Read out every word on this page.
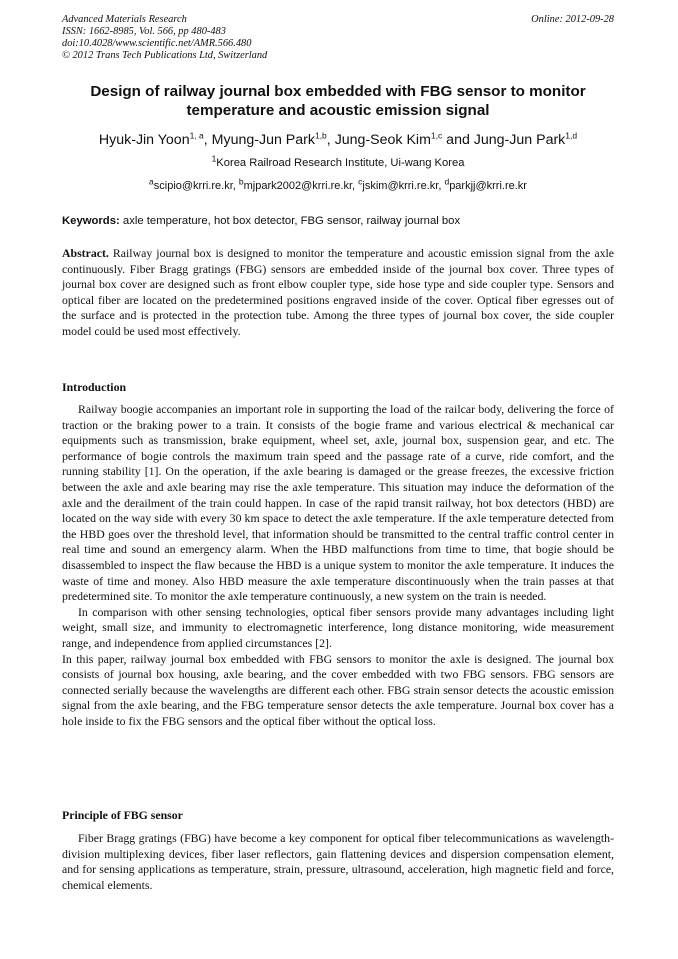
Advanced Materials Research
ISSN: 1662-8985, Vol. 566, pp 480-483
doi:10.4028/www.scientific.net/AMR.566.480
© 2012 Trans Tech Publications Ltd, Switzerland
Online: 2012-09-28
Design of railway journal box embedded with FBG sensor to monitor temperature and acoustic emission signal
Hyuk-Jin Yoon$^{1, a}$, Myung-Jun Park$^{1,b}$, Jung-Seok Kim$^{1,c}$ and Jung-Jun Park$^{1,d}$
$^1$Korea Railroad Research Institute, Ui-wang Korea
$^a$scipio@krri.re.kr, $^b$mjpark2002@krri.re.kr, $^c$jskim@krri.re.kr, $^d$parkjj@krri.re.kr
Keywords: axle temperature, hot box detector, FBG sensor, railway journal box

Abstract. Railway journal box is designed to monitor the temperature and acoustic emission signal from the axle continuously. Fiber Bragg gratings (FBG) sensors are embedded inside of the journal box cover. Three types of journal box cover are designed such as front elbow coupler type, side hose type and side coupler type. Sensors and optical fiber are located on the predetermined positions engraved inside of the cover. Optical fiber egresses out of the surface and is protected in the protection tube. Among the three types of journal box cover, the side coupler model could be used most effectively.

Introduction

Railway boogie accompanies an important role in supporting the load of the railcar body, delivering the force of traction or the braking power to a train. It consists of the bogie frame and various electrical & mechanical car equipments such as transmission, brake equipment, wheel set, axle, journal box, suspension gear, and etc. The performance of bogie controls the maximum train speed and the passage rate of a curve, ride comfort, and the running stability [1]. On the operation, if the axle bearing is damaged or the grease freezes, the excessive friction between the axle and axle bearing may rise the axle temperature. This situation may induce the deformation of the axle and the derailment of the train could happen. In case of the rapid transit railway, hot box detectors (HBD) are located on the way side with every 30 km space to detect the axle temperature. If the axle temperature detected from the HBD goes over the threshold level, that information should be transmitted to the central traffic control center in real time and sound an emergency alarm. When the HBD malfunctions from time to time, that bogie should be disassembled to inspect the flaw because the HBD is a unique system to monitor the axle temperature. It induces the waste of time and money. Also HBD measure the axle temperature discontinuously when the train passes at that predetermined site. To monitor the axle temperature continuously, a new system on the train is needed.

In comparison with other sensing technologies, optical fiber sensors provide many advantages including light weight, small size, and immunity to electromagnetic interference, long distance monitoring, wide measurement range, and independence from applied circumstances [2].

In this paper, railway journal box embedded with FBG sensors to monitor the axle is designed. The journal box consists of journal box housing, axle bearing, and the cover embedded with two FBG sensors. FBG sensors are connected serially because the wavelengths are different each other. FBG strain sensor detects the acoustic emission signal from the axle bearing, and the FBG temperature sensor detects the axle temperature. Journal box cover has a hole inside to fix the FBG sensors and the optical fiber without the optical loss.

Principle of FBG sensor

Fiber Bragg gratings (FBG) have become a key component for optical fiber telecommunications as wavelength-division multiplexing devices, fiber laser reflectors, gain flattening devices and dispersion compensation element, and for sensing applications as temperature, strain, pressure, ultrasound, acceleration, high magnetic field and force, chemical elements.
